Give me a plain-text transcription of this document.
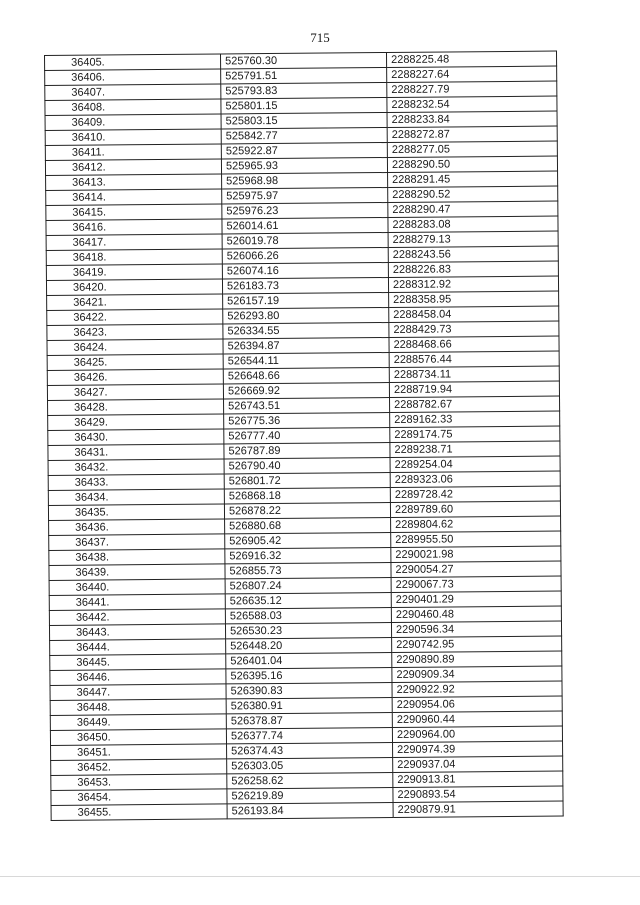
715
36405.	525760.30	2288225.48
36406.	525791.51	2288227.64
36407.	525793.83	2288227.79
36408.	525801.15	2288232.54
36409.	525803.15	2288233.84
36410.	525842.77	2288272.87
36411.	525922.87	2288277.05
36412.	525965.93	2288290.50
36413.	525968.98	2288291.45
36414.	525975.97	2288290.52
36415.	525976.23	2288290.47
36416.	526014.61	2288283.08
36417.	526019.78	2288279.13
36418.	526066.26	2288243.56
36419.	526074.16	2288226.83
36420.	526183.73	2288312.92
36421.	526157.19	2288358.95
36422.	526293.80	2288458.04
36423.	526334.55	2288429.73
36424.	526394.87	2288468.66
36425.	526544.11	2288576.44
36426.	526648.66	2288734.11
36427.	526669.92	2288719.94
36428.	526743.51	2288782.67
36429.	526775.36	2289162.33
36430.	526777.40	2289174.75
36431.	526787.89	2289238.71
36432.	526790.40	2289254.04
36433.	526801.72	2289323.06
36434.	526868.18	2289728.42
36435.	526878.22	2289789.60
36436.	526880.68	2289804.62
36437.	526905.42	2289955.50
36438.	526916.32	2290021.98
36439.	526855.73	2290054.27
36440.	526807.24	2290067.73
36441.	526635.12	2290401.29
36442.	526588.03	2290460.48
36443.	526530.23	2290596.34
36444.	526448.20	2290742.95
36445.	526401.04	2290890.89
36446.	526395.16	2290909.34
36447.	526390.83	2290922.92
36448.	526380.91	2290954.06
36449.	526378.87	2290960.44
36450.	526377.74	2290964.00
36451.	526374.43	2290974.39
36452.	526303.05	2290937.04
36453.	526258.62	2290913.81
36454.	526219.89	2290893.54
36455.	526193.84	2290879.91
